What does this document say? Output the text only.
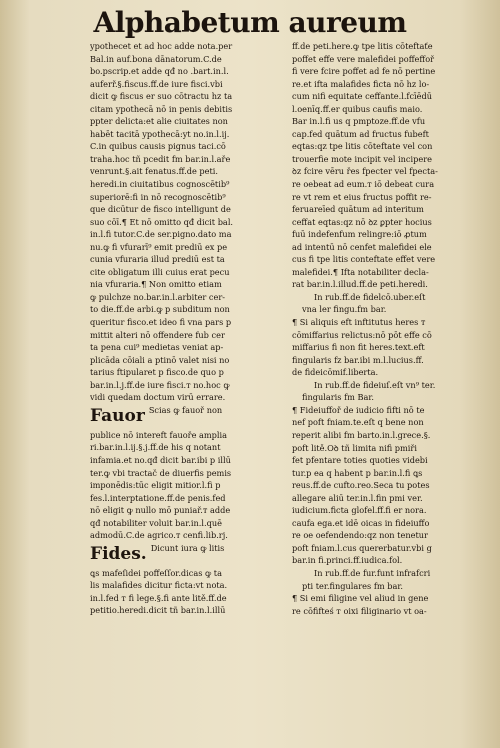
Alphabetum aureum
ypothecet et ad hoc adde nota.per
Bal.in auf.bona dānatorum.C.de
bo.pscrip.et adde qđ no .bart.in.l.
auferř.§.fiscus.ff.de iure fisci.vbi
dicit ꝙ fiscus er suo cōtractu hz ta
citam ypothecā nō in penis debitis
ppter delicta:et alie ciuitates non
habēt tacitā ypothecā:yt no.in.l.ij.
C.in quibus causis pignus taci.cō
traha.hoc tñ pcedit fm bar.in.l.aře
venrunt.§.ait fenatus.ff.de peti.
heredi.in ciuitatibus cognoscētib⁹
superiorē:fi in nō recognoscētib⁹
que dicūtur de fisco intelligunt de
suo cōī.¶ Et nō omitto qđ dicit bal.
in.l.fi tutor.C.de ser.pigno.dato ma
nu.ꝙ fi vfurarī⁹ emit prediū ex pe
cunia vfuraria illud prediū est ta
cite obligatum illi cuius erat pecu
nia vfuraria.¶ Non omitto etiam
ꝙ pulchze no.bar.in.l.arbiter cer-
to die.ff.de arbi.ꝙ p subditum non
queritur fisco.et ideo fi vna pars p
mittit alteri nō offendere fub cer
ta pena cui⁹ medietas veniat ap-
plicāda cōiali a ptinō valet nisi no
tarius ftipularet p fisco.de quo p
bar.in.l.j.ff.de iure fisci.т no.hoc ꝙ
vidi quedam doctum virū errare.
Fauor Scias ꝙ fauoř non

publice nō intereft fauoře amplia
ri.bar.in.l.ij.§.j.ff.de his q notant
infamia.et no.qđ dicit bar.ibi p illū
ter.ꝙ vbi tractač de diuerfis pemis
imponēdis:tūc eligit mitior.l.fi p
fes.l.interptatione.ff.de penis.fed
nō eligit ꝙ nullo mō puniař.т adde
qđ notabiliter voluit bar.in.l.quē
admodū.C.de agrico.т cenfi.lib.rj.
Fides. Dicunt iura ꝙ litis

ꝗs mafeſidei poffeſſor.dicas ꝙ ta
lis malafides dicitur ficta:vt nota.
in.l.fed т fi lege.§.fi ante litě.ff.de
petitio.heredi.dicit tñ bar.in.l.illū
ff.de peti.here.ꝙ tpe litis cōteftaťe
poffet effe vere malefidei poffeffoř
fi vere fcire poffet ad fe nō pertine
re.et ifta malafides ficta nō hz lo-
cum nifi equitate ceffante.l.fcīēdū
l.oenīq.ff.er quibus caufis maio.
Bar in.l.fi us q pmptoze.ff.de vfu
cap.fed quātum ad fructus fubeft
eqtas:qz tpe litis cōteftate vel con
trouerfie mote incipit vel incipere
ꝺz fcire vēru řes fpecter vel fpecta-
re oebeat ad eum.т iō debeat cura
re vt rem et eius fructus poffit re-
feruareīed quātum ad interitum
ceffat eqtas:qz nō ꝺz ꝑpter hocius
fuū indefenfum relingre:iō ꝓtum
ad intentū nō cenfet malefidei ele
cus fi tpe litis conteftate effet vere
malefidei.¶ Ifta notabiliter decla-
rat bar.in.l.illud.ff.de peti.heredi.
In rub.ff.de fidelcō.uber.eſt
vna ler fingu.fm bar.
¶ Si aliquis eft inftitutus heres т
cōmiffarius relictus:nō pōt effe cō
miffarius fi non fit heres.text.eft
fingularis fz bar.ibi m.l.lucius.ff.
de fideicōmif.liberta.
In rub.ff.de fideiuſ.eſt vn⁹ ter.
fingularis fm Bar.
¶ Fideiuffoř de iudicio fifti nō te
nef poft fniam.te.eſt q bene non
reperit alibi fm barto.in.l.grece.§.
poft litě.Oꝺ tñ limita nifi pmiři
fet pfentare toties quoties videbi
tur.p ea q habent p bar.in.l.fi ꝗs
reus.ff.de cufto.reo.Seca tu potes
allegare aliū ter.in.l.fin pmi ver.
iudicium.ficta glofel.ff.fi er nora.
caufa ega.et idē oicas in fideiuffo
re oe oefendendo:qz non tenetur
poft fniam.l.cus quererbatur.vbi g
bar.in fi.princi.ff.iudica.fol.
In rub.ff.de fur.funt infrafcri
pti ter.fingulares fm bar.
¶ Si emi filigine vel aliud in gene
re cōfifteś т oixi filiginario vt oa-
